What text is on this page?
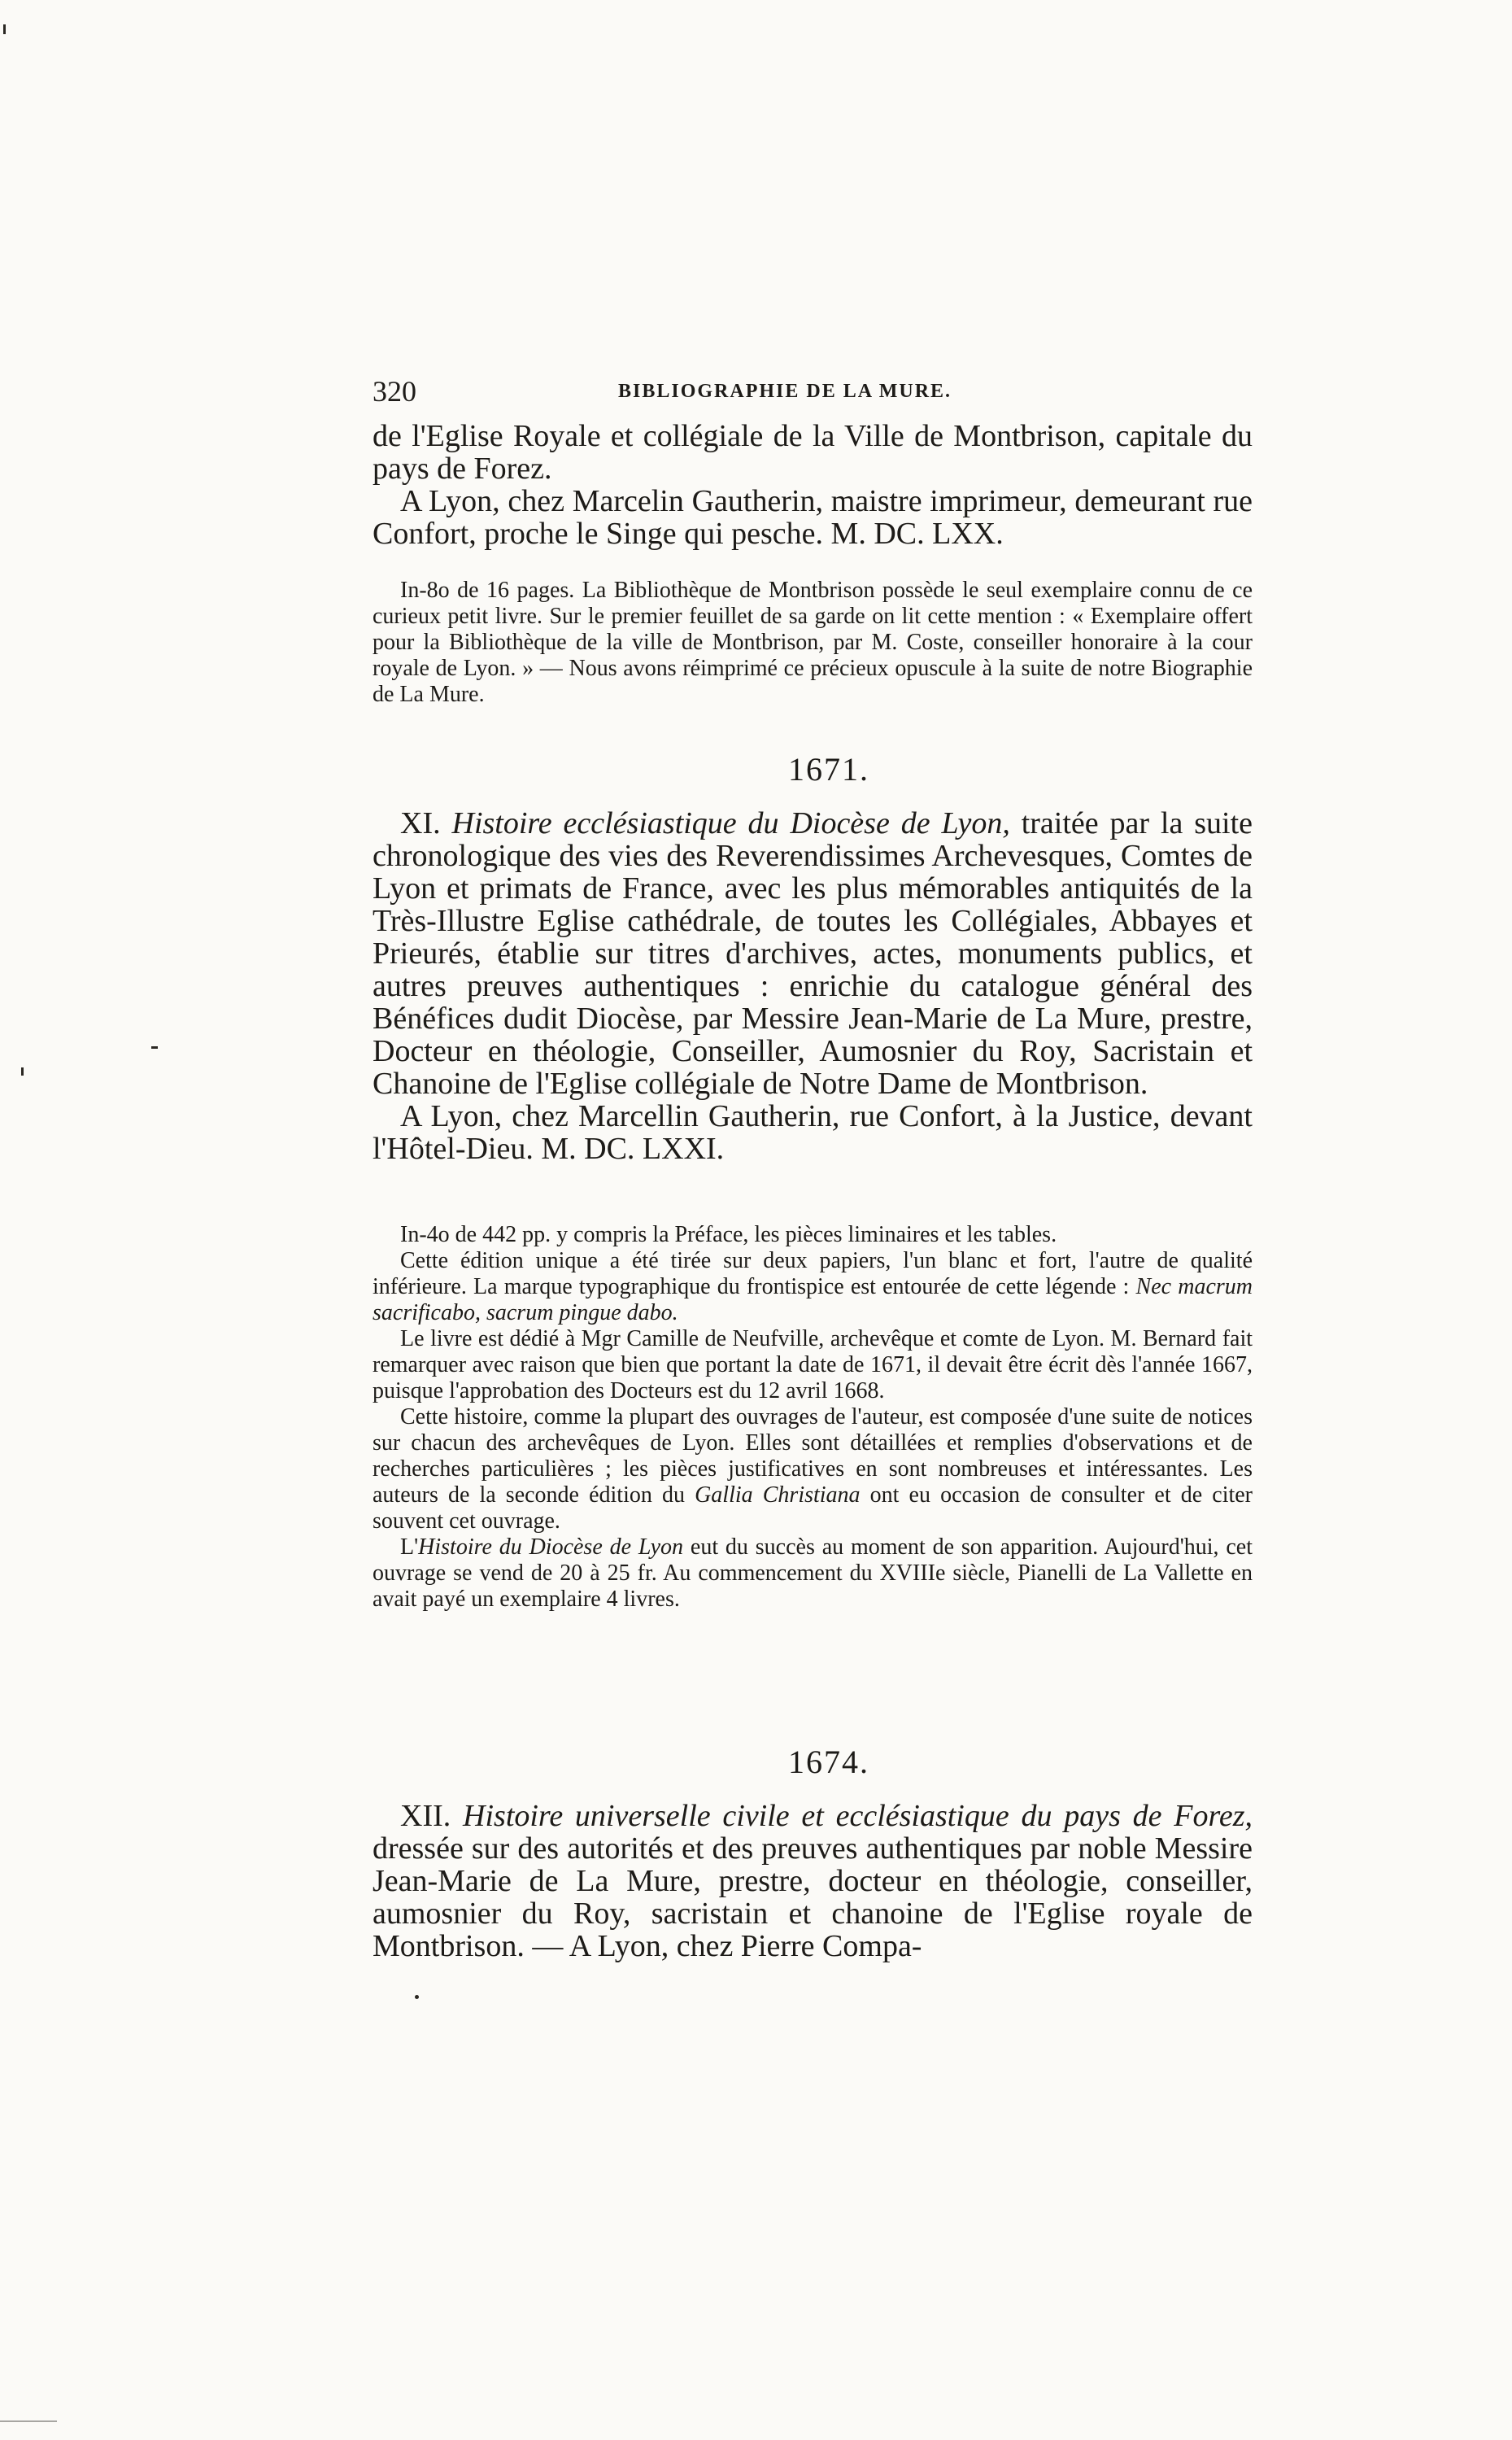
320	BIBLIOGRAPHIE DE LA MURE.

de l'Eglise Royale et collégiale de la Ville de Montbrison, capitale du pays de Forez.

A Lyon, chez Marcelin Gautherin, maistre imprimeur, demeurant rue Confort, proche le Singe qui pesche. M. DC. LXX.

In-8o de 16 pages. La Bibliothèque de Montbrison possède le seul exemplaire connu de ce curieux petit livre. Sur le premier feuillet de sa garde on lit cette mention : « Exemplaire offert pour la Bibliothèque de la ville de Montbrison, par M. Coste, conseiller honoraire à la cour royale de Lyon. » — Nous avons réimprimé ce précieux opuscule à la suite de notre Biographie de La Mure.

1671.

XI. Histoire ecclésiastique du Diocèse de Lyon, traitée par la suite chronologique des vies des Reverendissimes Archevesques, Comtes de Lyon et primats de France, avec les plus mémorables antiquités de la Très-Illustre Eglise cathédrale, de toutes les Collégiales, Abbayes et Prieurés, établie sur titres d'archives, actes, monuments publics, et autres preuves authentiques : enrichie du catalogue général des Bénéfices dudit Diocèse, par Messire Jean-Marie de La Mure, prestre, Docteur en théologie, Conseiller, Aumosnier du Roy, Sacristain et Chanoine de l'Eglise collégiale de Notre Dame de Montbrison.

A Lyon, chez Marcellin Gautherin, rue Confort, à la Justice, devant l'Hôtel-Dieu. M. DC. LXXI.

In-4o de 442 pp. y compris la Préface, les pièces liminaires et les tables.

Cette édition unique a été tirée sur deux papiers, l'un blanc et fort, l'autre de qualité inférieure. La marque typographique du frontispice est entourée de cette légende : Nec macrum sacrificabo, sacrum pingue dabo.

Le livre est dédié à Mgr Camille de Neufville, archevêque et comte de Lyon. M. Bernard fait remarquer avec raison que bien que portant la date de 1671, il devait être écrit dès l'année 1667, puisque l'approbation des Docteurs est du 12 avril 1668.

Cette histoire, comme la plupart des ouvrages de l'auteur, est composée d'une suite de notices sur chacun des archevêques de Lyon. Elles sont détaillées et remplies d'observations et de recherches particulières ; les pièces justificatives en sont nombreuses et intéressantes. Les auteurs de la seconde édition du Gallia Christiana ont eu occasion de consulter et de citer souvent cet ouvrage.

L'Histoire du Diocèse de Lyon eut du succès au moment de son apparition. Aujourd'hui, cet ouvrage se vend de 20 à 25 fr. Au commencement du XVIIIe siècle, Pianelli de La Vallette en avait payé un exemplaire 4 livres.

1674.

XII. Histoire universelle civile et ecclésiastique du pays de Forez, dressée sur des autorités et des preuves authentiques par noble Messire Jean-Marie de La Mure, prestre, docteur en théologie, conseiller, aumosnier du Roy, sacristain et chanoine de l'Eglise royale de Montbrison. — A Lyon, chez Pierre Compa-
